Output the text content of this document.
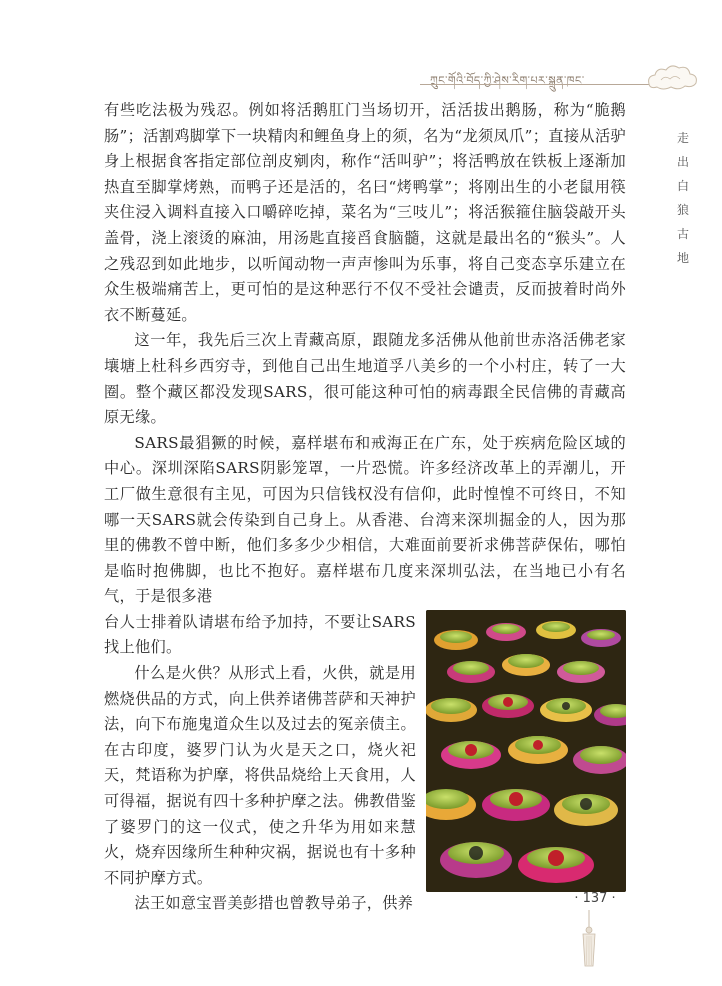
ཀྲུང་གོའི་བོད་ཀྱི་ཤེས་རིག་པར་སྐྲུན་ཁང་
走
出
白
狼
古
地

有些吃法极为残忍。例如将活鹅肛门当场切开，活活拔出鹅肠，称为“脆鹅肠”；活割鸡脚掌下一块精肉和鲤鱼身上的须，名为“龙须凤爪”；直接从活驴身上根据食客指定部位剖皮剜肉，称作“活叫驴”；将活鸭放在铁板上逐渐加热直至脚掌烤熟，而鸭子还是活的，名曰“烤鸭掌”；将刚出生的小老鼠用筷夹住浸入调料直接入口嚼碎吃掉，菜名为“三吱儿”；将活猴箍住脑袋敲开头盖骨，浇上滚烫的麻油，用汤匙直接舀食脑髓，这就是最出名的“猴头”。人之残忍到如此地步，以听闻动物一声声惨叫为乐事，将自己变态享乐建立在众生极端痛苦上，更可怕的是这种恶行不仅不受社会谴责，反而披着时尚外衣不断蔓延。

这一年，我先后三次上青藏高原，跟随龙多活佛从他前世赤洛活佛老家壤塘上杜科乡西穷寺，到他自己出生地道孚八美乡的一个小村庄，转了一大圈。整个藏区都没发现SARS，很可能这种可怕的病毒跟全民信佛的青藏高原无缘。

SARS最猖獗的时候，嘉样堪布和戒海正在广东，处于疾病危险区域的中心。深圳深陷SARS阴影笼罩，一片恐慌。许多经济改革上的弄潮儿，开工厂做生意很有主见，可因为只信钱权没有信仰，此时惶惶不可终日，不知哪一天SARS就会传染到自己身上。从香港、台湾来深圳掘金的人，因为那里的佛教不曾中断，他们多多少少相信，大难面前要祈求佛菩萨保佑，哪怕是临时抱佛脚，也比不抱好。嘉样堪布几度来深圳弘法，在当地已小有名气，于是很多港

台人士排着队请堪布给予加持，不要让SARS找上他们。

什么是火供？从形式上看，火供，就是用燃烧供品的方式，向上供养诸佛菩萨和天神护法，向下布施鬼道众生以及过去的冤亲债主。在古印度，婆罗门认为火是天之口，烧火祀天，梵语称为护摩，将供品烧给上天食用，人可得福，据说有四十多种护摩之法。佛教借鉴了婆罗门的这一仪式，使之升华为用如来慧火，烧弃因缘所生种种灾祸，据说也有十多种不同护摩方式。

法王如意宝晋美彭措也曾教导弟子，供养	· 137 ·
